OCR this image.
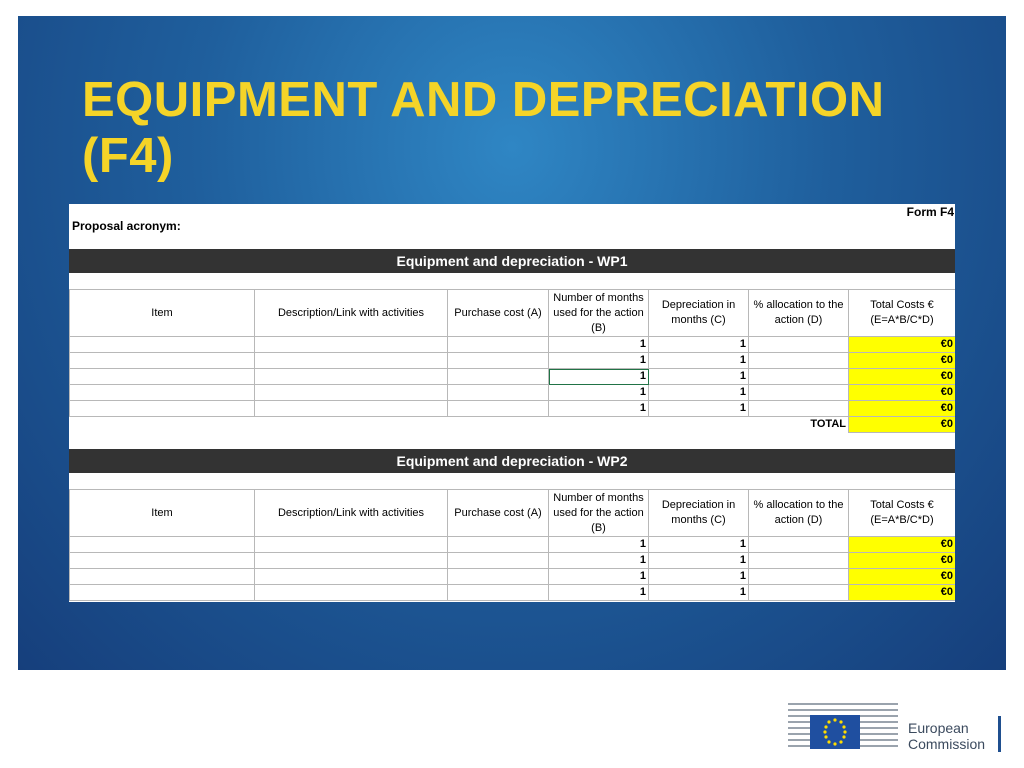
EQUIPMENT AND DEPRECIATION
(F4)
Form F4
Proposal acronym:
Equipment and depreciation - WP1
Item	Description/Link with activities	Purchase cost (A)	Number of months used for the action (B)	Depreciation in months (C)	% allocation to the action (D)	Total Costs € (E=A*B/C*D)
			1	1		€0
			1	1		€0
			1	1		€0
			1	1		€0
			1	1		€0
TOTAL						€0
Equipment and depreciation - WP2
Item	Description/Link with activities	Purchase cost (A)	Number of months used for the action (B)	Depreciation in months (C)	% allocation to the action (D)	Total Costs € (E=A*B/C*D)
			1	1		€0
			1	1		€0
			1	1		€0
			1	1		€0
European
Commission
